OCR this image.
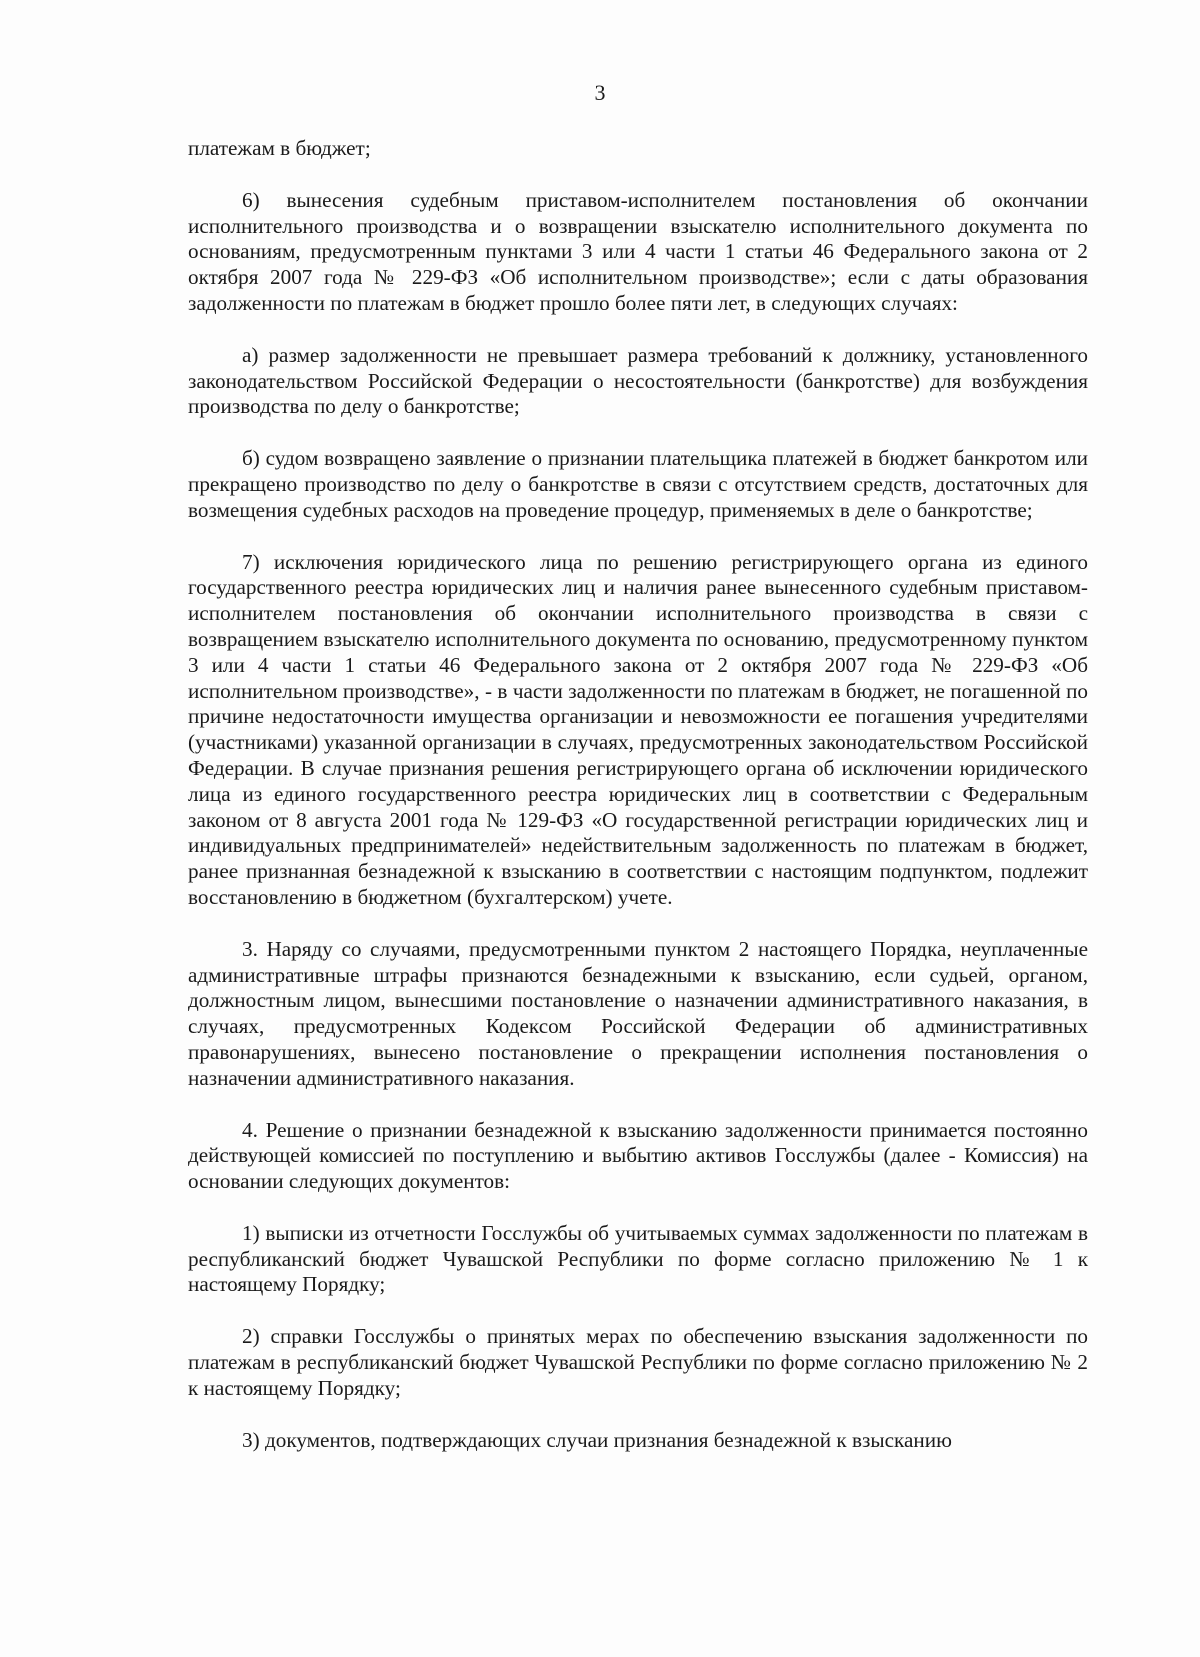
3

платежам в бюджет;

6) вынесения судебным приставом-исполнителем постановления об окончании исполнительного производства и о возвращении взыскателю исполнительного документа по основаниям, предусмотренным пунктами 3 или 4 части 1 статьи 46 Федерального закона от 2 октября 2007 года № 229-ФЗ «Об исполнительном производстве»; если с даты образования задолженности по платежам в бюджет прошло более пяти лет, в следующих случаях:

а) размер задолженности не превышает размера требований к должнику, установленного законодательством Российской Федерации о несостоятельности (банкротстве) для возбуждения производства по делу о банкротстве;

б) судом возвращено заявление о признании плательщика платежей в бюджет банкротом или прекращено производство по делу о банкротстве в связи с отсутствием средств, достаточных для возмещения судебных расходов на проведение процедур, применяемых в деле о банкротстве;

7) исключения юридического лица по решению регистрирующего органа из единого государственного реестра юридических лиц и наличия ранее вынесенного судебным приставом-исполнителем постановления об окончании исполнительного производства в связи с возвращением взыскателю исполнительного документа по основанию, предусмотренному пунктом 3 или 4 части 1 статьи 46 Федерального закона от 2 октября 2007 года № 229-ФЗ «Об исполнительном производстве», - в части задолженности по платежам в бюджет, не погашенной по причине недостаточности имущества организации и невозможности ее погашения учредителями (участниками) указанной организации в случаях, предусмотренных законодательством Российской Федерации. В случае признания решения регистрирующего органа об исключении юридического лица из единого государственного реестра юридических лиц в соответствии с Федеральным законом от 8 августа 2001 года № 129-ФЗ «О государственной регистрации юридических лиц и индивидуальных предпринимателей» недействительным задолженность по платежам в бюджет, ранее признанная безнадежной к взысканию в соответствии с настоящим подпунктом, подлежит восстановлению в бюджетном (бухгалтерском) учете.

3. Наряду со случаями, предусмотренными пунктом 2 настоящего Порядка, неуплаченные административные штрафы признаются безнадежными к взысканию, если судьей, органом, должностным лицом, вынесшими постановление о назначении административного наказания, в случаях, предусмотренных Кодексом Российской Федерации об административных правонарушениях, вынесено постановление о прекращении исполнения постановления о назначении административного наказания.

4. Решение о признании безнадежной к взысканию задолженности принимается постоянно действующей комиссией по поступлению и выбытию активов Госслужбы (далее - Комиссия) на основании следующих документов:

1) выписки из отчетности Госслужбы об учитываемых суммах задолженности по платежам в республиканский бюджет Чувашской Республики по форме согласно приложению № 1 к настоящему Порядку;

2) справки Госслужбы о принятых мерах по обеспечению взыскания задолженности по платежам в республиканский бюджет Чувашской Республики по форме согласно приложению № 2 к настоящему Порядку;

3) документов, подтверждающих случаи признания безнадежной к взысканию
